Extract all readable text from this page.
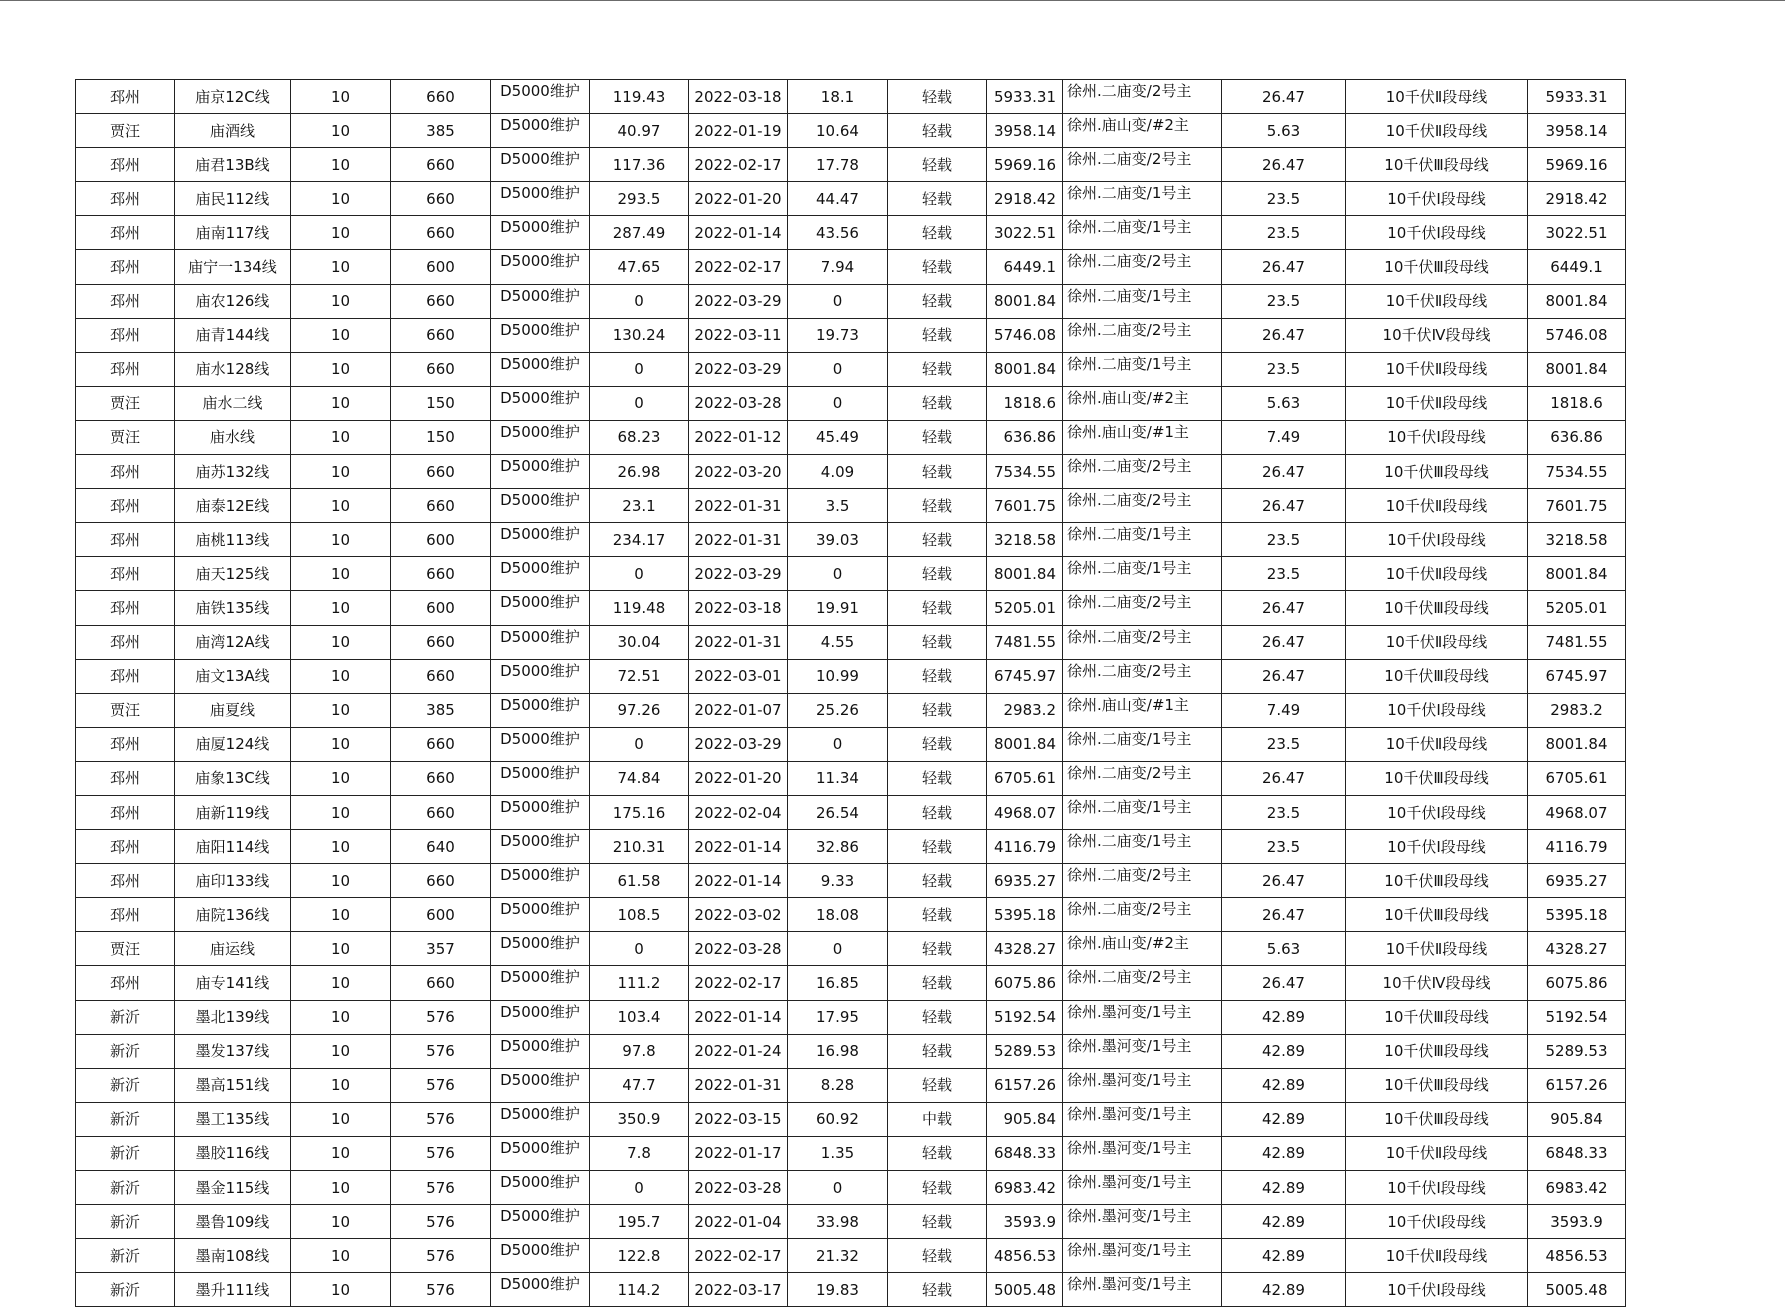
邳州	庙京12C线	10	660	D5000维护	119.43	2022-03-18	18.1	轻载	5933.31	徐州.二庙变/2号主	26.47	10千伏Ⅱ段母线	5933.31
贾汪	庙酒线	10	385	D5000维护	40.97	2022-01-19	10.64	轻载	3958.14	徐州.庙山变/#2主	5.63	10千伏Ⅱ段母线	3958.14
邳州	庙君13B线	10	660	D5000维护	117.36	2022-02-17	17.78	轻载	5969.16	徐州.二庙变/2号主	26.47	10千伏Ⅲ段母线	5969.16
邳州	庙民112线	10	660	D5000维护	293.5	2022-01-20	44.47	轻载	2918.42	徐州.二庙变/1号主	23.5	10千伏Ⅰ段母线	2918.42
邳州	庙南117线	10	660	D5000维护	287.49	2022-01-14	43.56	轻载	3022.51	徐州.二庙变/1号主	23.5	10千伏Ⅰ段母线	3022.51
邳州	庙宁一134线	10	600	D5000维护	47.65	2022-02-17	7.94	轻载	6449.1	徐州.二庙变/2号主	26.47	10千伏Ⅲ段母线	6449.1
邳州	庙农126线	10	660	D5000维护	0	2022-03-29	0	轻载	8001.84	徐州.二庙变/1号主	23.5	10千伏Ⅱ段母线	8001.84
邳州	庙青144线	10	660	D5000维护	130.24	2022-03-11	19.73	轻载	5746.08	徐州.二庙变/2号主	26.47	10千伏Ⅳ段母线	5746.08
邳州	庙水128线	10	660	D5000维护	0	2022-03-29	0	轻载	8001.84	徐州.二庙变/1号主	23.5	10千伏Ⅱ段母线	8001.84
贾汪	庙水二线	10	150	D5000维护	0	2022-03-28	0	轻载	1818.6	徐州.庙山变/#2主	5.63	10千伏Ⅱ段母线	1818.6
贾汪	庙水线	10	150	D5000维护	68.23	2022-01-12	45.49	轻载	636.86	徐州.庙山变/#1主	7.49	10千伏Ⅰ段母线	636.86
邳州	庙苏132线	10	660	D5000维护	26.98	2022-03-20	4.09	轻载	7534.55	徐州.二庙变/2号主	26.47	10千伏Ⅲ段母线	7534.55
邳州	庙泰12E线	10	660	D5000维护	23.1	2022-01-31	3.5	轻载	7601.75	徐州.二庙变/2号主	26.47	10千伏Ⅱ段母线	7601.75
邳州	庙桃113线	10	600	D5000维护	234.17	2022-01-31	39.03	轻载	3218.58	徐州.二庙变/1号主	23.5	10千伏Ⅰ段母线	3218.58
邳州	庙天125线	10	660	D5000维护	0	2022-03-29	0	轻载	8001.84	徐州.二庙变/1号主	23.5	10千伏Ⅱ段母线	8001.84
邳州	庙铁135线	10	600	D5000维护	119.48	2022-03-18	19.91	轻载	5205.01	徐州.二庙变/2号主	26.47	10千伏Ⅲ段母线	5205.01
邳州	庙湾12A线	10	660	D5000维护	30.04	2022-01-31	4.55	轻载	7481.55	徐州.二庙变/2号主	26.47	10千伏Ⅱ段母线	7481.55
邳州	庙文13A线	10	660	D5000维护	72.51	2022-03-01	10.99	轻载	6745.97	徐州.二庙变/2号主	26.47	10千伏Ⅲ段母线	6745.97
贾汪	庙夏线	10	385	D5000维护	97.26	2022-01-07	25.26	轻载	2983.2	徐州.庙山变/#1主	7.49	10千伏Ⅰ段母线	2983.2
邳州	庙厦124线	10	660	D5000维护	0	2022-03-29	0	轻载	8001.84	徐州.二庙变/1号主	23.5	10千伏Ⅱ段母线	8001.84
邳州	庙象13C线	10	660	D5000维护	74.84	2022-01-20	11.34	轻载	6705.61	徐州.二庙变/2号主	26.47	10千伏Ⅲ段母线	6705.61
邳州	庙新119线	10	660	D5000维护	175.16	2022-02-04	26.54	轻载	4968.07	徐州.二庙变/1号主	23.5	10千伏Ⅰ段母线	4968.07
邳州	庙阳114线	10	640	D5000维护	210.31	2022-01-14	32.86	轻载	4116.79	徐州.二庙变/1号主	23.5	10千伏Ⅰ段母线	4116.79
邳州	庙印133线	10	660	D5000维护	61.58	2022-01-14	9.33	轻载	6935.27	徐州.二庙变/2号主	26.47	10千伏Ⅲ段母线	6935.27
邳州	庙院136线	10	600	D5000维护	108.5	2022-03-02	18.08	轻载	5395.18	徐州.二庙变/2号主	26.47	10千伏Ⅲ段母线	5395.18
贾汪	庙运线	10	357	D5000维护	0	2022-03-28	0	轻载	4328.27	徐州.庙山变/#2主	5.63	10千伏Ⅱ段母线	4328.27
邳州	庙专141线	10	660	D5000维护	111.2	2022-02-17	16.85	轻载	6075.86	徐州.二庙变/2号主	26.47	10千伏Ⅳ段母线	6075.86
新沂	墨北139线	10	576	D5000维护	103.4	2022-01-14	17.95	轻载	5192.54	徐州.墨河变/1号主	42.89	10千伏Ⅲ段母线	5192.54
新沂	墨发137线	10	576	D5000维护	97.8	2022-01-24	16.98	轻载	5289.53	徐州.墨河变/1号主	42.89	10千伏Ⅲ段母线	5289.53
新沂	墨高151线	10	576	D5000维护	47.7	2022-01-31	8.28	轻载	6157.26	徐州.墨河变/1号主	42.89	10千伏Ⅲ段母线	6157.26
新沂	墨工135线	10	576	D5000维护	350.9	2022-03-15	60.92	中载	905.84	徐州.墨河变/1号主	42.89	10千伏Ⅲ段母线	905.84
新沂	墨胶116线	10	576	D5000维护	7.8	2022-01-17	1.35	轻载	6848.33	徐州.墨河变/1号主	42.89	10千伏Ⅱ段母线	6848.33
新沂	墨金115线	10	576	D5000维护	0	2022-03-28	0	轻载	6983.42	徐州.墨河变/1号主	42.89	10千伏Ⅰ段母线	6983.42
新沂	墨鲁109线	10	576	D5000维护	195.7	2022-01-04	33.98	轻载	3593.9	徐州.墨河变/1号主	42.89	10千伏Ⅰ段母线	3593.9
新沂	墨南108线	10	576	D5000维护	122.8	2022-02-17	21.32	轻载	4856.53	徐州.墨河变/1号主	42.89	10千伏Ⅱ段母线	4856.53
新沂	墨升111线	10	576	D5000维护	114.2	2022-03-17	19.83	轻载	5005.48	徐州.墨河变/1号主	42.89	10千伏Ⅰ段母线	5005.48
